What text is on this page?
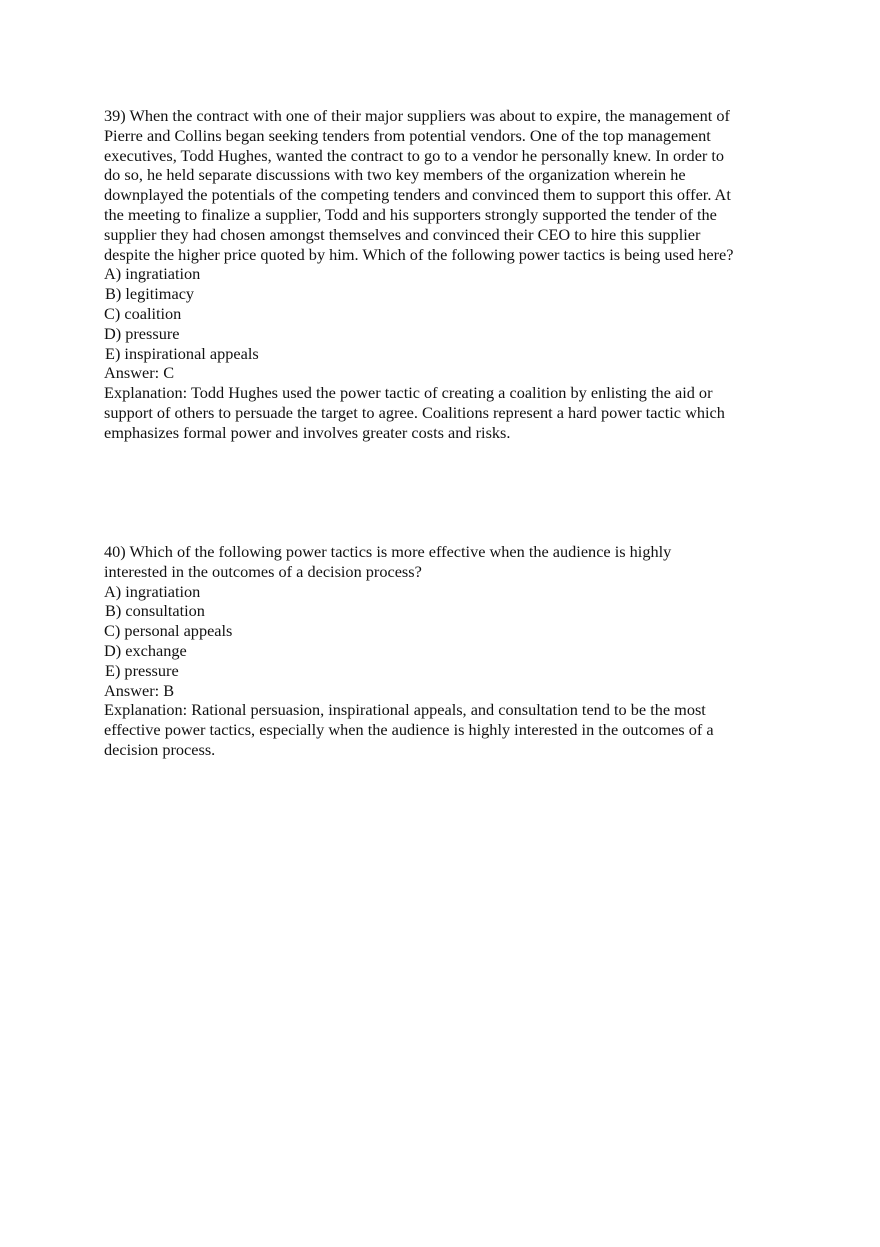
39) When the contract with one of their major suppliers was about to expire, the management of
Pierre and Collins began seeking tenders from potential vendors. One of the top management
executives, Todd Hughes, wanted the contract to go to a vendor he personally knew. In order to
do so, he held separate discussions with two key members of the organization wherein he
downplayed the potentials of the competing tenders and convinced them to support this offer. At
the meeting to finalize a supplier, Todd and his supporters strongly supported the tender of the
supplier they had chosen amongst themselves and convinced their CEO to hire this supplier
despite the higher price quoted by him. Which of the following power tactics is being used here?
A) ingratiation
B) legitimacy
C) coalition
D) pressure
E) inspirational appeals
Answer: C
Explanation: Todd Hughes used the power tactic of creating a coalition by enlisting the aid or
support of others to persuade the target to agree. Coalitions represent a hard power tactic which
emphasizes formal power and involves greater costs and risks.
40) Which of the following power tactics is more effective when the audience is highly
interested in the outcomes of a decision process?
A) ingratiation
B) consultation
C) personal appeals
D) exchange
E) pressure
Answer: B
Explanation: Rational persuasion, inspirational appeals, and consultation tend to be the most
effective power tactics, especially when the audience is highly interested in the outcomes of a
decision process.
